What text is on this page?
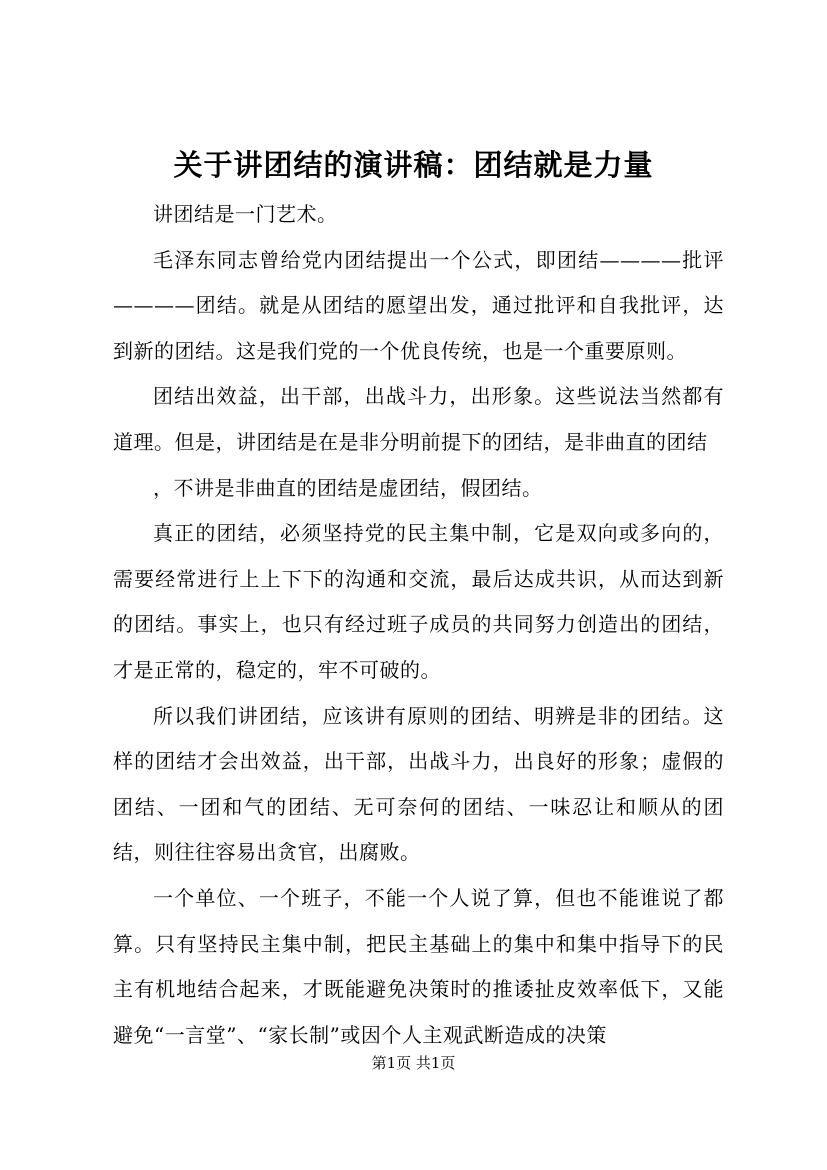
关于讲团结的演讲稿：团结就是力量

讲团结是一门艺术。

毛泽东同志曾给党内团结提出一个公式，即团结————批评————团结。就是从团结的愿望出发，通过批评和自我批评，达到新的团结。这是我们党的一个优良传统，也是一个重要原则。

团结出效益，出干部，出战斗力，出形象。这些说法当然都有道理。但是，讲团结是在是非分明前提下的团结，是非曲直的团结

，不讲是非曲直的团结是虚团结，假团结。

真正的团结，必须坚持党的民主集中制，它是双向或多向的，需要经常进行上上下下的沟通和交流，最后达成共识，从而达到新的团结。事实上，也只有经过班子成员的共同努力创造出的团结，才是正常的，稳定的，牢不可破的。

所以我们讲团结，应该讲有原则的团结、明辨是非的团结。这样的团结才会出效益，出干部，出战斗力，出良好的形象；虚假的团结、一团和气的团结、无可奈何的团结、一味忍让和顺从的团结，则往往容易出贪官，出腐败。

一个单位、一个班子，不能一个人说了算，但也不能谁说了都算。只有坚持民主集中制，把民主基础上的集中和集中指导下的民主有机地结合起来，才既能避免决策时的推诿扯皮效率低下，又能避免“一言堂”、“家长制”或因个人主观武断造成的决策

第1页 共1页
